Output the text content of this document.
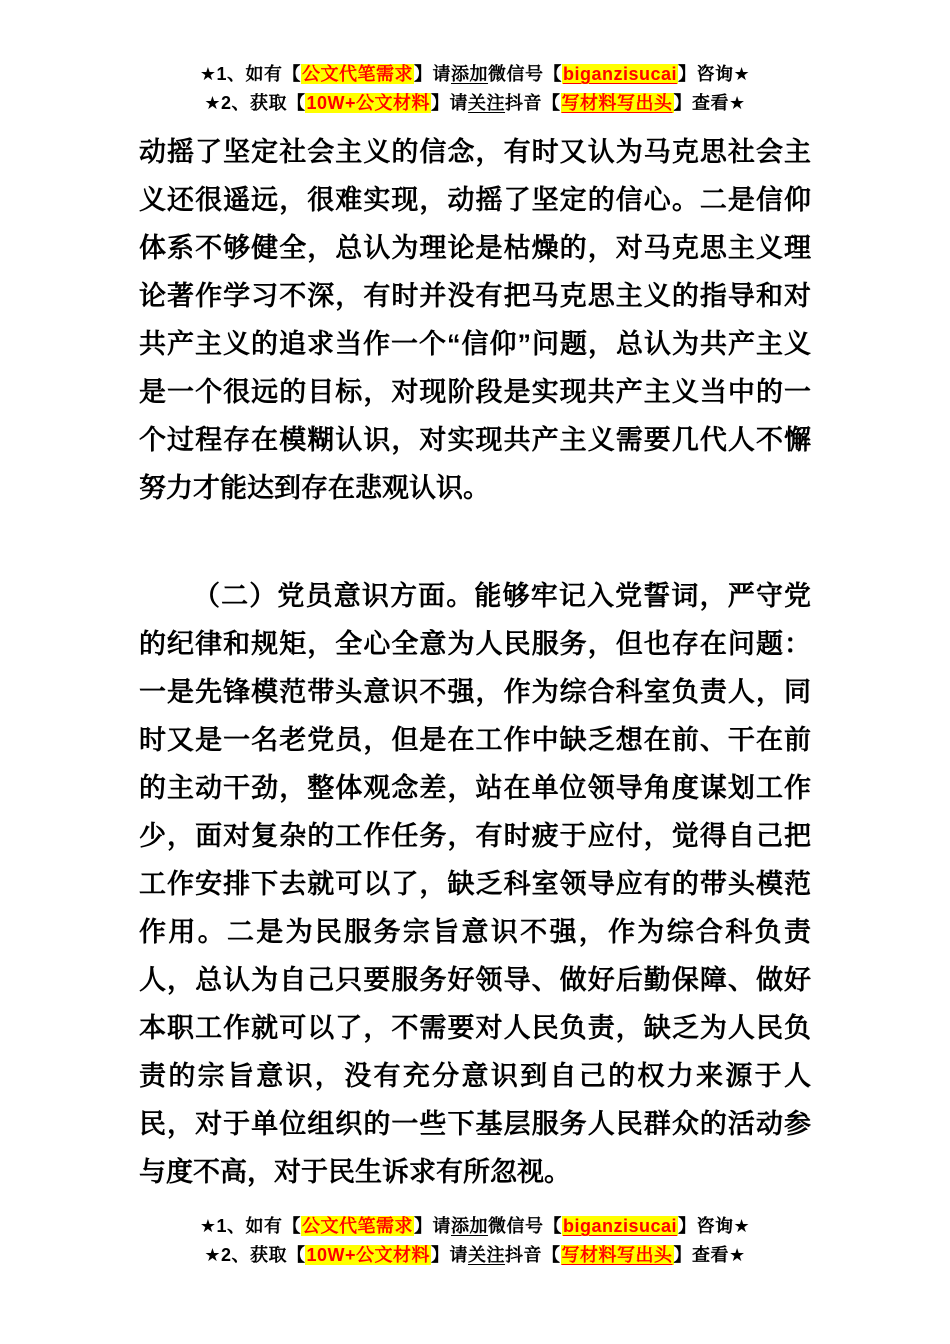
★1、如有【公文代笔需求】请添加微信号【biganzisucai】咨询★
★2、获取【10W+公文材料】请关注抖音【写材料写出头】查看★

动摇了坚定社会主义的信念，有时又认为马克思社会主义还很遥远，很难实现，动摇了坚定的信心。二是信仰体系不够健全，总认为理论是枯燥的，对马克思主义理论著作学习不深，有时并没有把马克思主义的指导和对共产主义的追求当作一个“信仰”问题，总认为共产主义是一个很远的目标，对现阶段是实现共产主义当中的一个过程存在模糊认识，对实现共产主义需要几代人不懈努力才能达到存在悲观认识。

（二）党员意识方面。能够牢记入党誓词，严守党的纪律和规矩，全心全意为人民服务，但也存在问题：一是先锋模范带头意识不强，作为综合科室负责人，同时又是一名老党员，但是在工作中缺乏想在前、干在前的主动干劲，整体观念差，站在单位领导角度谋划工作少，面对复杂的工作任务，有时疲于应付，觉得自己把工作安排下去就可以了，缺乏科室领导应有的带头模范作用。二是为民服务宗旨意识不强，作为综合科负责人，总认为自己只要服务好领导、做好后勤保障、做好本职工作就可以了，不需要对人民负责，缺乏为人民负责的宗旨意识，没有充分意识到自己的权力来源于人民，对于单位组织的一些下基层服务人民群众的活动参与度不高，对于民生诉求有所忽视。

★1、如有【公文代笔需求】请添加微信号【biganzisucai】咨询★
★2、获取【10W+公文材料】请关注抖音【写材料写出头】查看★
